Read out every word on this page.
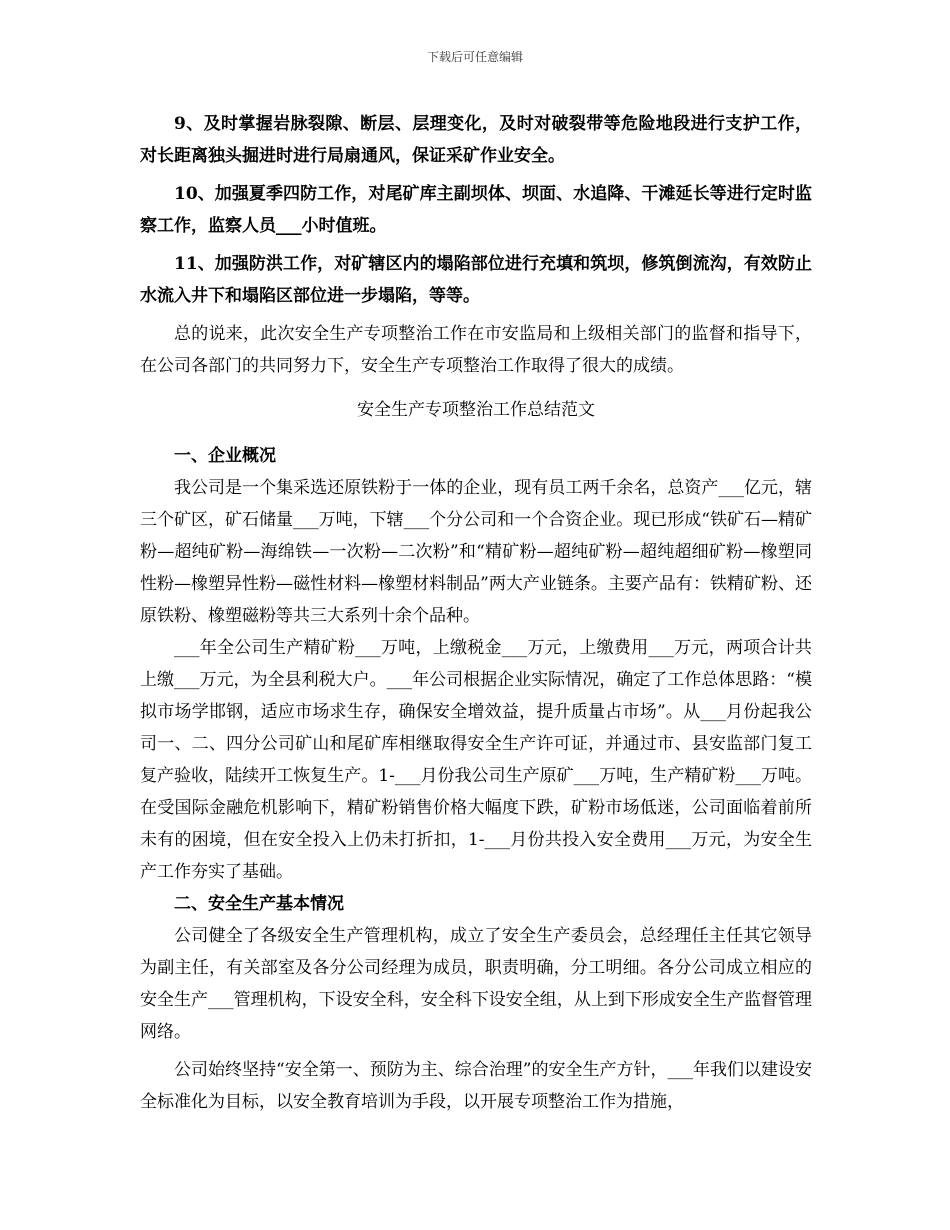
下载后可任意编辑

9、及时掌握岩脉裂隙、断层、层理变化，及时对破裂带等危险地段进行支护工作，对长距离独头掘进时进行局扇通风，保证采矿作业安全。

10、加强夏季四防工作，对尾矿库主副坝体、坝面、水追降、干滩延长等进行定时监察工作，监察人员___小时值班。

11、加强防洪工作，对矿辖区内的塌陷部位进行充填和筑坝，修筑倒流沟，有效防止水流入井下和塌陷区部位进一步塌陷，等等。

总的说来，此次安全生产专项整治工作在市安监局和上级相关部门的监督和指导下，在公司各部门的共同努力下，安全生产专项整治工作取得了很大的成绩。

安全生产专项整治工作总结范文

一、企业概况

我公司是一个集采选还原铁粉于一体的企业，现有员工两千余名，总资产___亿元，辖三个矿区，矿石储量___万吨，下辖___个分公司和一个合资企业。现已形成“铁矿石—精矿粉—超纯矿粉—海绵铁—一次粉—二次粉”和“精矿粉—超纯矿粉—超纯超细矿粉—橡塑同性粉—橡塑异性粉—磁性材料—橡塑材料制品”两大产业链条。主要产品有：铁精矿粉、还原铁粉、橡塑磁粉等共三大系列十余个品种。

___年全公司生产精矿粉___万吨，上缴税金___万元，上缴费用___万元，两项合计共上缴___万元，为全县利税大户。___年公司根据企业实际情况，确定了工作总体思路：“模拟市场学邯钢，适应市场求生存，确保安全增效益，提升质量占市场”。从___月份起我公司一、二、四分公司矿山和尾矿库相继取得安全生产许可证，并通过市、县安监部门复工复产验收，陆续开工恢复生产。1-___月份我公司生产原矿___万吨，生产精矿粉___万吨。在受国际金融危机影响下，精矿粉销售价格大幅度下跌，矿粉市场低迷，公司面临着前所未有的困境，但在安全投入上仍未打折扣，1-___月份共投入安全费用___万元，为安全生产工作夯实了基础。

二、安全生产基本情况

公司健全了各级安全生产管理机构，成立了安全生产委员会，总经理任主任其它领导为副主任，有关部室及各分公司经理为成员，职责明确，分工明细。各分公司成立相应的安全生产___管理机构，下设安全科，安全科下设安全组，从上到下形成安全生产监督管理网络。

公司始终坚持“安全第一、预防为主、综合治理”的安全生产方针，___年我们以建设安全标准化为目标，以安全教育培训为手段，以开展专项整治工作为措施，
